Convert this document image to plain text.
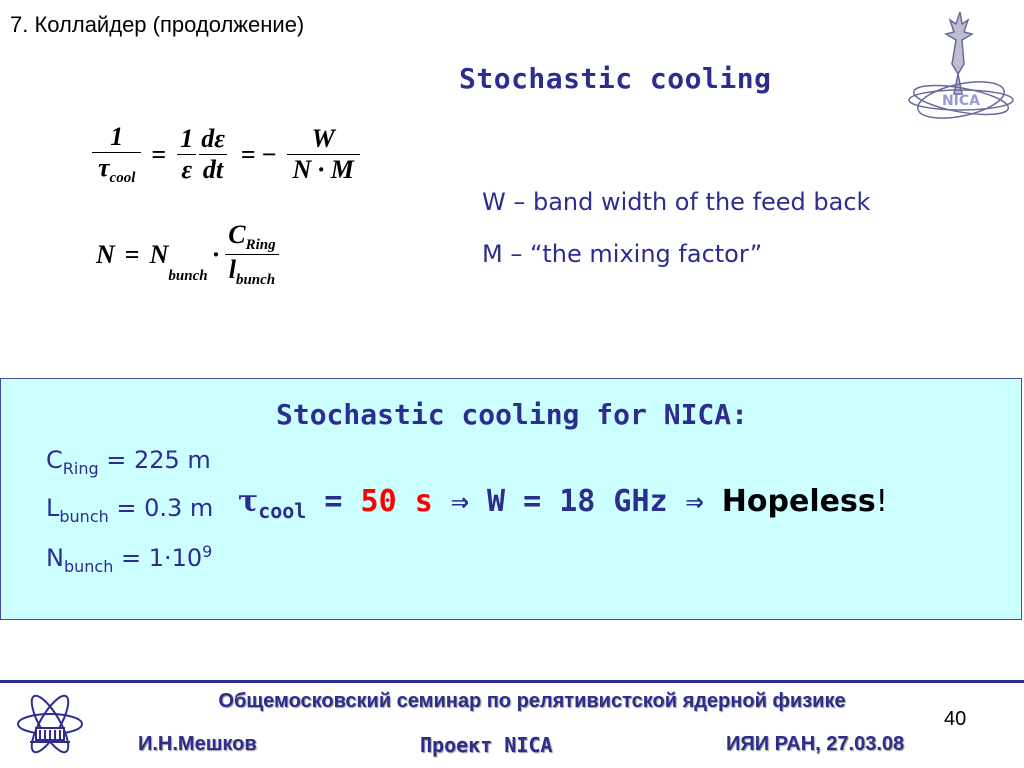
7. Коллайдер (продолжение)
Stochastic cooling
NICA
$\frac{1}{\tau_{cool}} = \frac{1}{\varepsilon} \frac{d\varepsilon}{dt}$ = − $\frac{W}{N \cdot M}$
N = N
$_{bunch}$
· $\frac{C_{Ring}}{l_{bunch}}$
W – band width of the feed back
M – “the mixing factor”
Stochastic cooling for NICA:
$C_{Ring} = 225$ m
$L_{bunch} = 0.3$ m
$N_{bunch} = 1\cdot 10^9$
$\tau_{cool} = 50$ s ⇒ W = 18 GHz ⇒ Hopeless!
Общемосковский семинар по релятивистской ядерной физике
40
И.Н.Мешков	Проект NICA	ИЯИ РАН, 27.03.08
